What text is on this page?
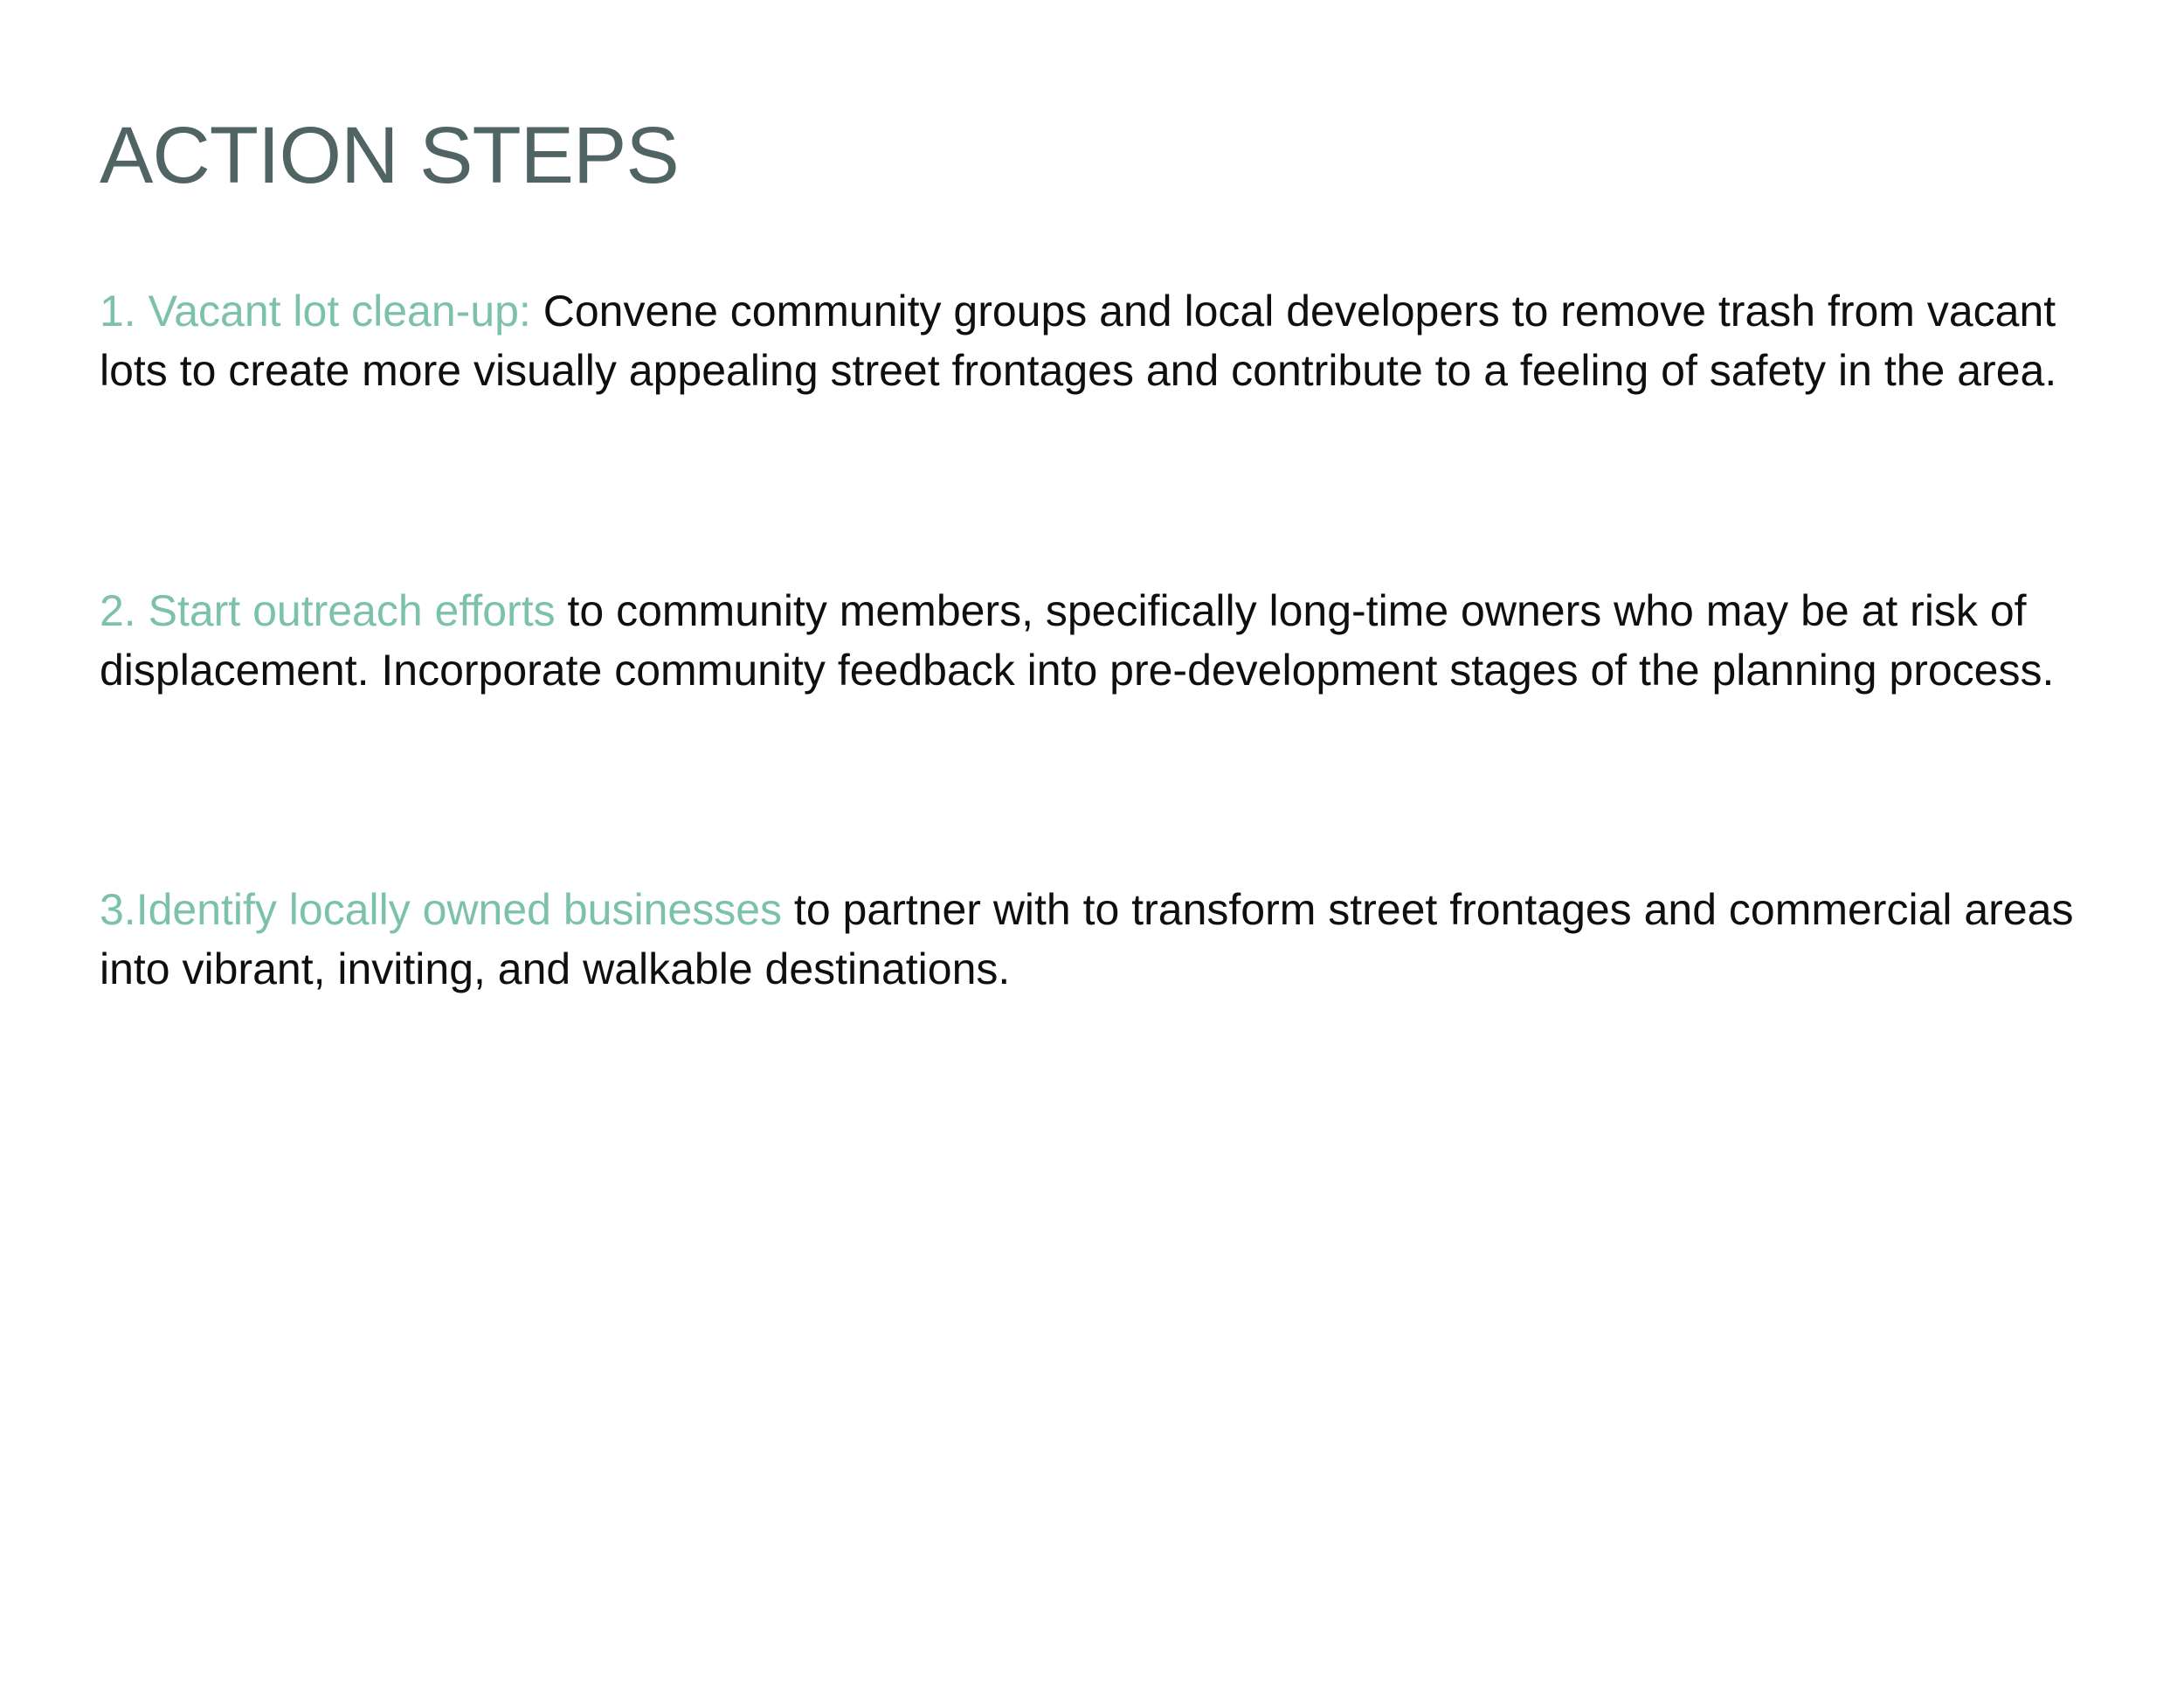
ACTION STEPS

1. Vacant lot clean-up: Convene community groups and local developers to remove trash from vacant lots to create more visually appealing street frontages and contribute to a feeling of safety in the area.

2. Start outreach efforts to community members, specifically long-time owners who may be at risk of displacement. Incorporate community feedback into pre-development stages of the planning process.

3.Identify locally owned businesses to partner with to transform street frontages and commercial areas into vibrant, inviting, and walkable destinations.
